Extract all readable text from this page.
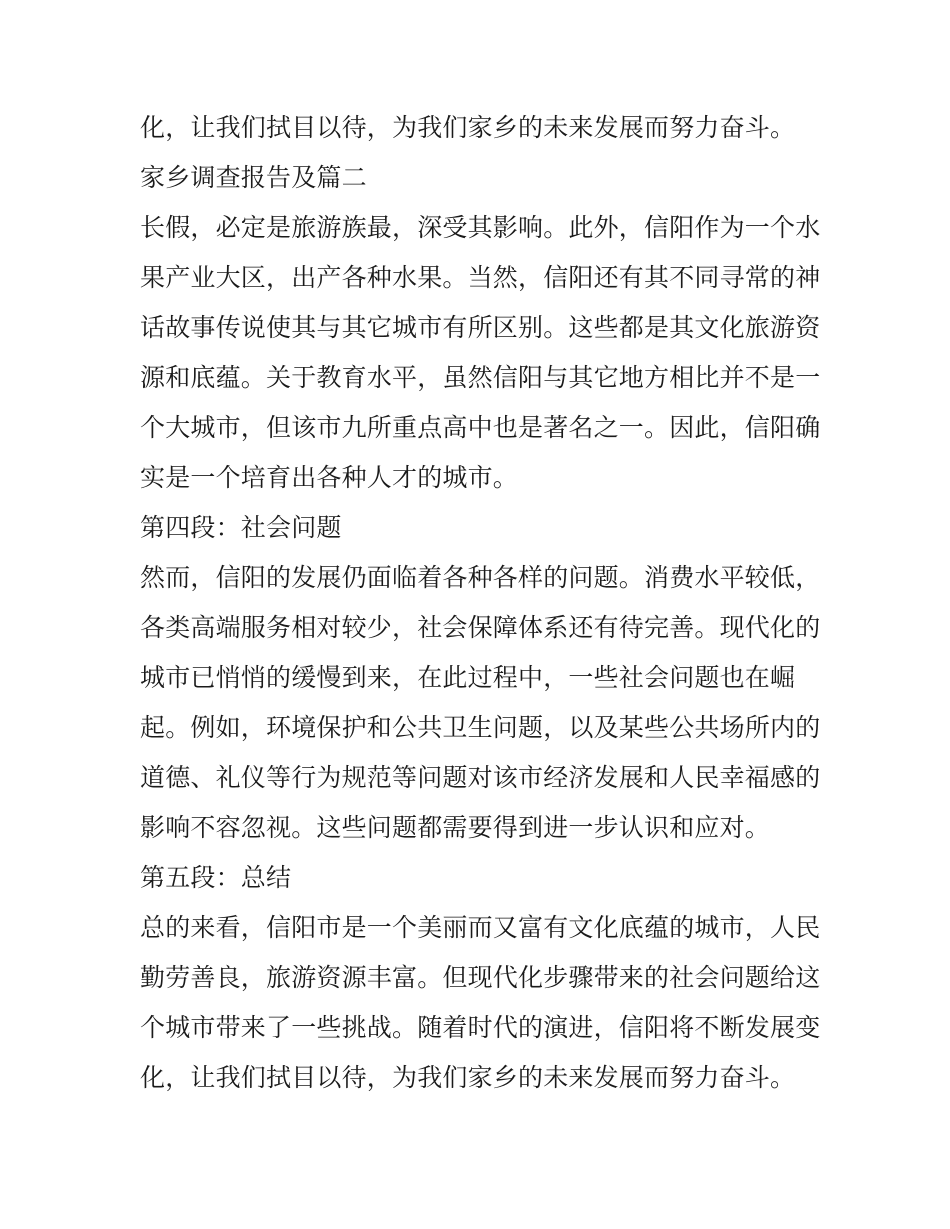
化，让我们拭目以待，为我们家乡的未来发展而努力奋斗。

家乡调查报告及篇二

长假，必定是旅游族最，深受其影响。此外，信阳作为一个水

果产业大区，出产各种水果。当然，信阳还有其不同寻常的神

话故事传说使其与其它城市有所区别。这些都是其文化旅游资

源和底蕴。关于教育水平，虽然信阳与其它地方相比并不是一

个大城市，但该市九所重点高中也是著名之一。因此，信阳确

实是一个培育出各种人才的城市。

第四段：社会问题

然而，信阳的发展仍面临着各种各样的问题。消费水平较低，

各类高端服务相对较少，社会保障体系还有待完善。现代化的

城市已悄悄的缓慢到来，在此过程中，一些社会问题也在崛

起。例如，环境保护和公共卫生问题，以及某些公共场所内的

道德、礼仪等行为规范等问题对该市经济发展和人民幸福感的

影响不容忽视。这些问题都需要得到进一步认识和应对。

第五段：总结

总的来看，信阳市是一个美丽而又富有文化底蕴的城市，人民

勤劳善良，旅游资源丰富。但现代化步骤带来的社会问题给这

个城市带来了一些挑战。随着时代的演进，信阳将不断发展变

化，让我们拭目以待，为我们家乡的未来发展而努力奋斗。
